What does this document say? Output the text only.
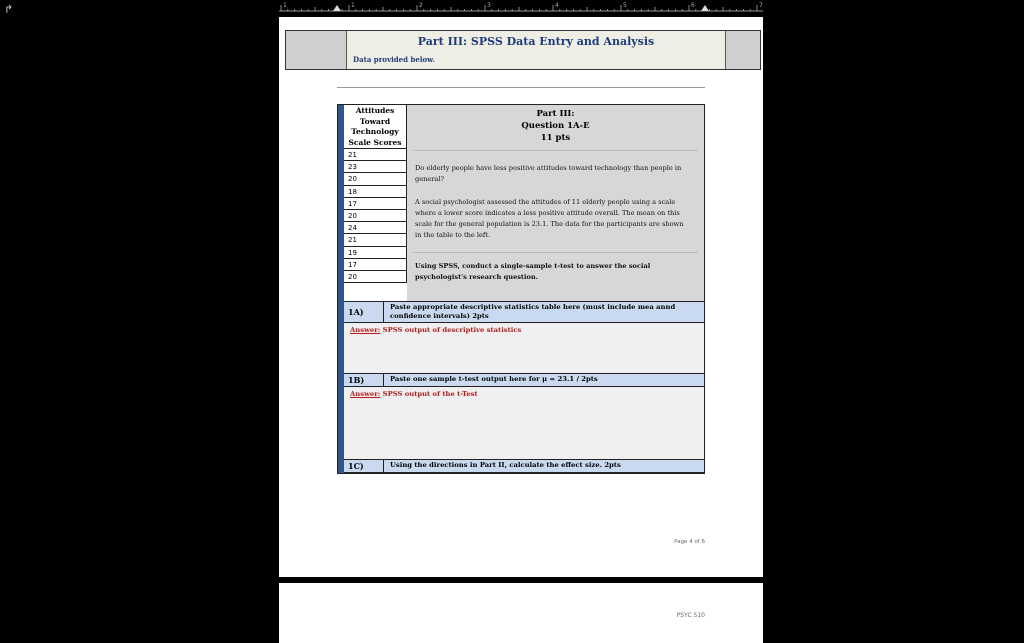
↱	1	1	2	3	4	5	6	7
Part III: SPSS Data Entry and Analysis
Data provided below.
Attitudes
Toward
Technology
Scale Scores
21
23
20
18
17
20
24
21
19
17
20
Part III:
Question 1A-E
11 pts
Do elderly people have less positive attitudes toward technology than people in general?
A social psychologist assessed the attitudes of 11 elderly people using a scale where a lower score indicates a less positive attitude overall. The mean on this scale for the general population is 23.1. The data for the participants are shown in the table to the left.
Using SPSS, conduct a single-sample t-test to answer the social psychologist's research question.
1A)	Paste appropriate descriptive statistics table here (must include mea annd confidence intervals) 2pts
Answer: SPSS output of descriptive statistics
1B)	Paste one sample t-test output here for μ = 23.1 / 2pts
Answer: SPSS output of the t-Test
1C)	Using the directions in Part II, calculate the effect size. 2pts
Page 4 of 6
PSYC 510
